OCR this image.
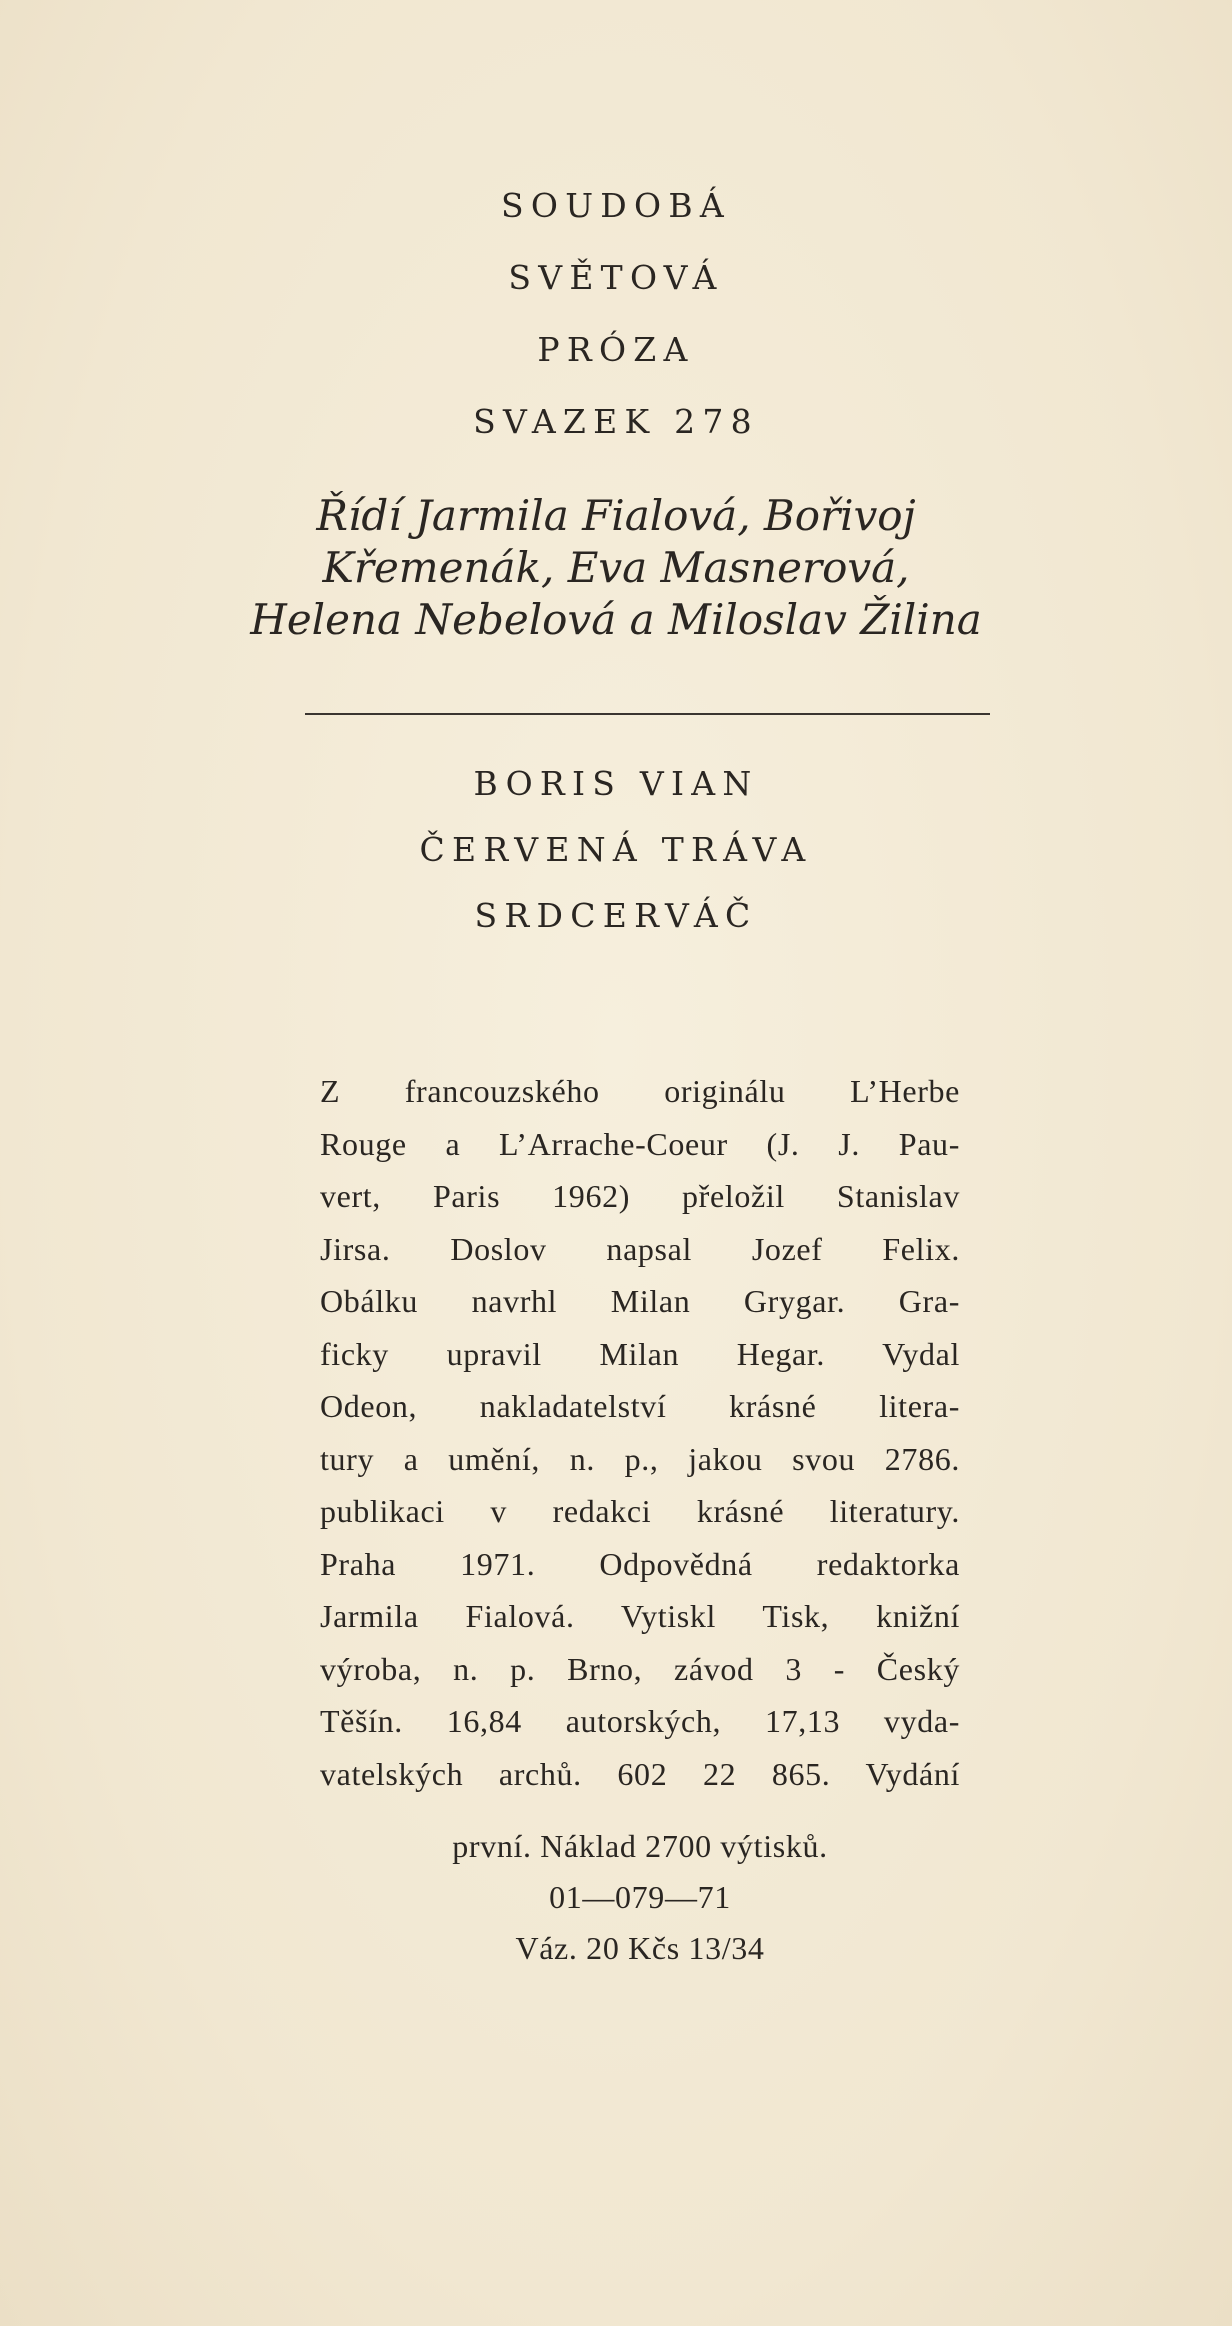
SOUDOBÁ
SVĚTOVÁ
PRÓZA
SVAZEK 278
Řídí Jarmila Fialová, Bořivoj
Křemenák, Eva Masnerová,
Helena Nebelová a Miloslav Žilina
BORIS VIAN
ČERVENÁ TRÁVA
SRDCERVÁČ
Z francouzského originálu L’Herbe
Rouge a L’Arrache-Coeur (J. J. Pau-
vert, Paris 1962) přeložil Stanislav
Jirsa. Doslov napsal Jozef Felix.
Obálku navrhl Milan Grygar. Gra-
ficky upravil Milan Hegar. Vydal
Odeon, nakladatelství krásné litera-
tury a umění, n. p., jakou svou 2786.
publikaci v redakci krásné literatury.
Praha 1971. Odpovědná redaktorka
Jarmila Fialová. Vytiskl Tisk, knižní
výroba, n. p. Brno, závod 3 - Český
Těšín. 16,84 autorských, 17,13 vyda-
vatelských archů. 602 22 865. Vydání
první. Náklad 2700 výtisků.
01—079—71
Váz. 20 Kčs 13/34
